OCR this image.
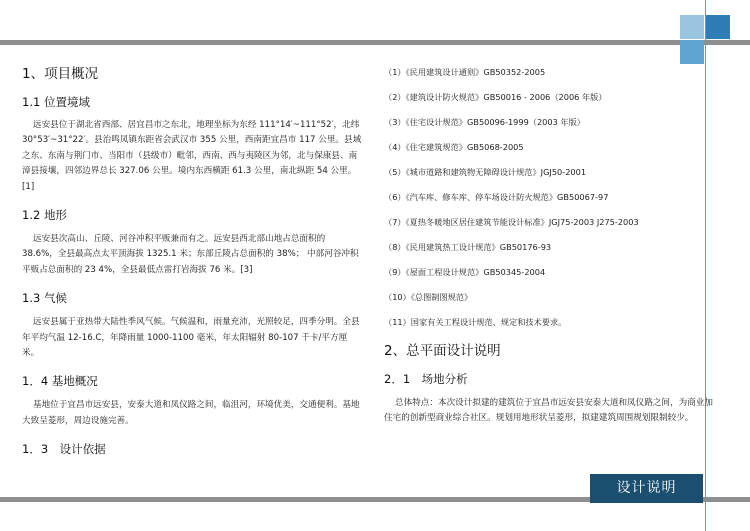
1、项目概况
1.1 位置境域

远安县位于湖北省西部、居宜昌市之东北，地理坐标为东经 111°14′~111°52′，北纬 30°53′~31°22′。县治鸣凤镇东距省会武汉市 355 公里，西南距宜昌市 117 公里。县域之东、东南与荆门市、当阳市（县级市）毗邻，西南、西与夷陵区为邻，北与保康县、南漳县接壤，四邻边界总长 327.06 公里。境内东西横距 61.3 公里，南北纵距 54 公里。[1]

1.2 地形

远安县次高山、丘陵、河谷冲积平贩兼而有之。远安县西北部山地占总面积的 38.6%，全县最高点太平顶海拔 1325.1 米；东部丘陵占总面积的 38%； 中部河谷冲积平贩占总面积的 23 4%，全县最低点雷打岩海拔 76 米。[3]

1.3 气候

远安县属于亚热带大陆性季风气候。气候温和，雨量充沛，光照较足，四季分明。全县年平均气温 12-16.C，年降雨量 1000-1100 毫米，年太阳辐射 80-107 千卡/平方厘米。

1．4 基地概况

基地位于宜昌市远安县，安泰大道和凤仪路之间，临沮河，环境优美，交通便利。基地大致呈菱形，周边设施完善。

1．3　设计依据
（1）《民用建筑设计通则》GB50352-2005
（2）《建筑设计防火规范》GB50016 - 2006（2006 年版）
（3）《住宅设计规范》GB50096-1999（2003 年版）
（4）《住宅建筑规范》GB5068-2005
（5）《城市道路和建筑物无障碍设计规范》JGJ50-2001
（6）《汽车库、修车库、停车场设计防火规范》GB50067-97
（7）《夏热冬暖地区居住建筑节能设计标准》JGJ75-2003 J275-2003
（8）《民用建筑热工设计规范》GB50176-93
（9）《屋面工程设计规范》GB50345-2004
（10）《总图制图规范》
（11）国家有关工程设计规范、规定和技术要求。
2、总平面设计说明
2．1　场地分析

总体特点：本次设计拟建的建筑位于宜昌市远安县安泰大道和凤仪路之间，为商业加住宅的创新型商业综合社区。规划用地形状呈菱形，拟建建筑周围规划限制较少。

设计说明
